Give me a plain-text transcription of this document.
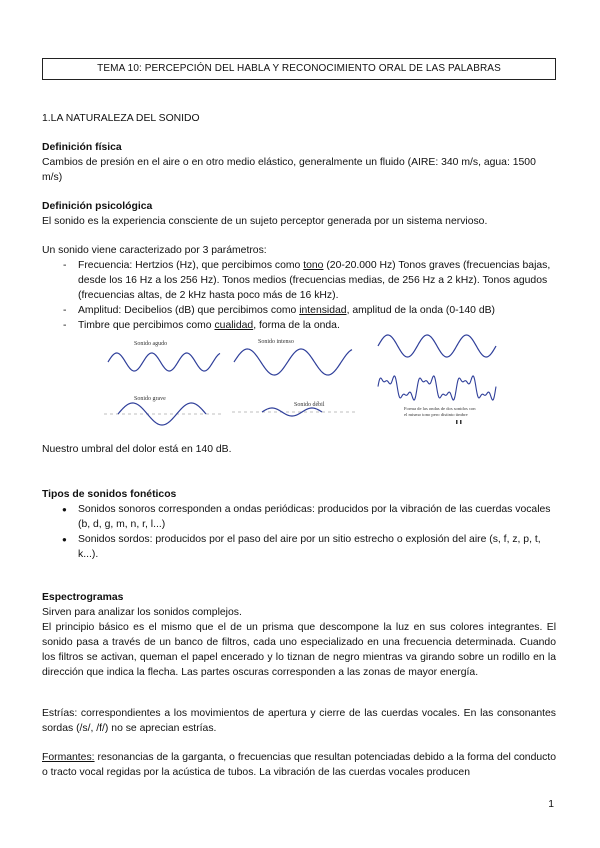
TEMA 10: PERCEPCIÓN DEL HABLA Y RECONOCIMIENTO ORAL DE LAS PALABRAS
1.LA NATURALEZA DEL SONIDO
Definición física
Cambios de presión en el aire o en otro medio elástico, generalmente un fluido (AIRE: 340 m/s, agua: 1500 m/s)
Definición psicológica
El sonido es la experiencia consciente de un sujeto perceptor generada por un sistema nervioso.
Un sonido viene caracterizado por 3 parámetros:
- Frecuencia: Hertzios (Hz), que percibimos como tono (20-20.000 Hz) Tonos graves (frecuencias bajas, desde los 16 Hz a los 256 Hz). Tonos medios (frecuencias medias, de 256 Hz a 2 kHz). Tonos agudos (frecuencias altas, de 2 kHz hasta poco más de 16 kHz).
- Amplitud: Decibelios (dB) que percibimos como intensidad, amplitud de la onda (0-140 dB)
- Timbre que percibimos como cualidad, forma de la onda.
Sonido agudo	Sonido intenso
Sonido grave
Sonido débil
Forma de las ondas de dos sonidos con
el mismo tono pero distinto timbre
Nuestro umbral del dolor está en 140 dB.
Tipos de sonidos fonéticos
● Sonidos sonoros corresponden a ondas periódicas: producidos por la vibración de las cuerdas vocales (b, d, g, m, n, r, l...)
● Sonidos sordos: producidos por el paso del aire por un sitio estrecho o explosión del aire (s, f, z, p, t, k...).
Espectrogramas
Sirven para analizar los sonidos complejos.
El principio básico es el mismo que el de un prisma que descompone la luz en sus colores integrantes. El sonido pasa a través de un banco de filtros, cada uno especializado en una frecuencia determinada. Cuando los filtros se activan, queman el papel encerado y lo tiznan de negro mientras va girando sobre un rodillo en la dirección que indica la flecha. Las partes oscuras corresponden a las zonas de mayor energía.
Estrías: correspondientes a los movimientos de apertura y cierre de las cuerdas vocales. En las consonantes sordas (/s/, /f/) no se aprecian estrías.
Formantes: resonancias de la garganta, o frecuencias que resultan potenciadas debido a la forma del conducto o tracto vocal regidas por la acústica de tubos. La vibración de las cuerdas vocales producen
1
